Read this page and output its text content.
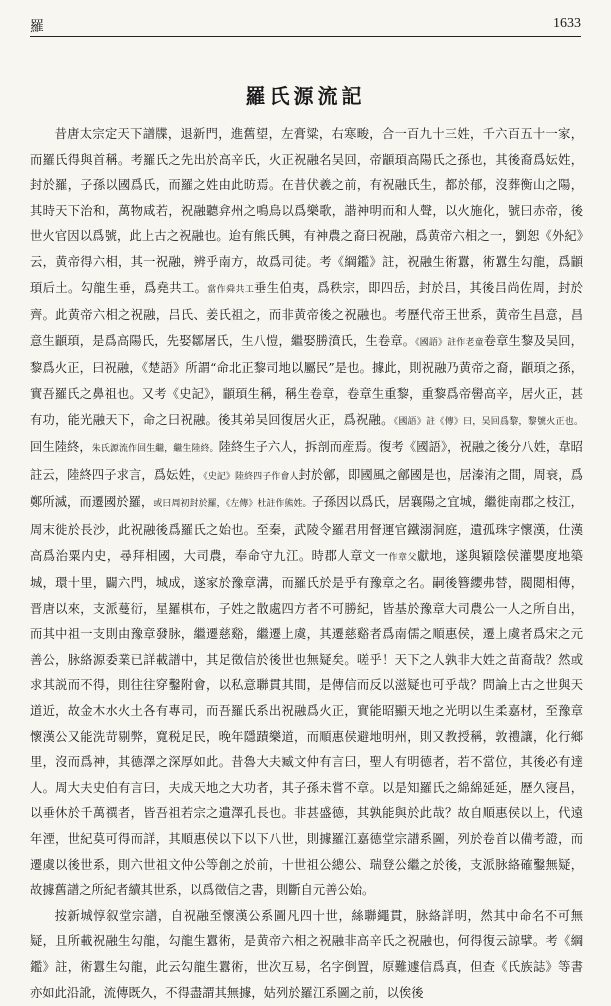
羅	1633
羅氏源流記

昔唐太宗定天下譜牒，退新門，進舊望，左膏粱，右寒畯，合一百九十三姓，千六百五十一家，而羅氏得與首稱。考羅氏之先出於高辛氏，火正祝融名吴回，帝顓頊高陽氏之孫也，其後裔爲妘姓，封於羅，子孫以國爲氏，而羅之姓由此昉焉。在昔伏羲之前，有祝融氏生，都於郁，沒葬衡山之陽，其時天下治和，萬物咸若，祝融聽弇州之鳴鳥以爲樂歌，諧神明而和人聲，以火施化，號曰赤帝，後世火官因以爲號，此上古之祝融也。迨有熊氏興，有神農之裔曰祝融，爲黄帝六相之一，劉恕《外紀》云，黄帝得六相，其一祝融，辨乎南方，故爲司徒。考《綱鑑》註，祝融生術囂，術囂生勾龍，爲顓頊后土。勾龍生垂，爲堯共工。當作舜共工垂生伯夷，爲秩宗，即四岳，封於吕，其後吕尚佐周，封於齊。此黄帝六相之祝融，吕氏、姜氏祖之，而非黄帝後之祝融也。考歷代帝王世系，黄帝生昌意，昌意生顓頊，是爲高陽氏，先娶鄒屠氏，生八愷，繼娶勝濆氏，生卷章。《國語》註作老童卷章生黎及吴回，黎爲火正，曰祝融，《楚語》所謂“命北正黎司地以屬民”是也。據此，則祝融乃黄帝之裔，顓頊之孫，實吾羅氏之鼻祖也。又考《史記》，顓頊生稱，稱生卷章，卷章生重黎，重黎爲帝嚳高辛，居火正，甚有功，能光融天下，命之曰祝融。後其弟吴回復居火正，爲祝融。《國語》註《傳》曰，吴回爲黎，黎號火正也。回生陸終，朱氏源流作回生繼，繼生陸終。陸終生子六人，拆剖而産焉。復考《國語》，祝融之後分八姓，韋昭註云，陸終四子求言，爲妘姓，《史記》陸終四子作會人封於鄶，即國風之鄶國是也，居溱洧之間，周衰，爲鄭所滅，而遷國於羅，或曰周初封於羅，《左傳》杜註作熊姓。子孫因以爲氏，居襄陽之宜城，繼徙南郡之枝江，周末徙於長沙，此祝融後爲羅氏之始也。至秦，武陵令羅君用督運官鐵溺洞庭，遺孤珠字懷漢，仕漢高爲治粟内史，尋拜相國，大司農，奉命守九江。時郡人章文一作章父獻地，遂與穎陰侯灌嬰度地築城，環十里，闢六門，城成，遂家於豫章溝，而羅氏於是乎有豫章之名。嗣後簪纓弗替，閥閲相傳，晋唐以來，支派蔓衍，星羅棋布，子姓之散處四方者不可勝紀，皆基於豫章大司農公一人之所自出，而其中祖一支則由豫章發脉，繼遷慈谿，繼遷上虞，其遷慈谿者爲南儒之順惠侯，遷上虞者爲宋之元善公，脉絡源委業已詳載譜中，其足徵信於後世也無疑矣。嗟乎！天下之人孰非大姓之苗裔哉？然或求其説而不得，則往往穿鑿附會，以私意聯貫其間，是傳信而反以滋疑也可乎哉？問論上古之世與天道近，故金木水火土各有專司，而吾羅氏系出祝融爲火正，實能昭顯天地之光明以生柔嘉材，至豫章懷漢公又能洗苛剔弊，寬税足民，晚年隱蹟樂道，而順惠侯避地明州，則又教授稱，敦禮讓，化行鄉里，沒而爲神，其德澤之深厚如此。昔魯大夫臧文仲有言曰，聖人有明德者，若不當位，其後必有達人。周大夫史伯有言曰，夫成天地之大功者，其子孫未嘗不章。以是知羅氏之綿綿延延，歷久寖昌，以垂休於千萬禩者，皆吾祖若宗之遺澤孔長也。非甚盛德，其孰能與於此哉？故自順惠侯以上，代遠年湮，世紀莫可得而詳，其順惠侯以下以下八世，則據羅江嘉德堂宗譜系圖，列於卷首以備考證，而遷虞以後世系，則六世祖文仲公等創之於前，十世祖公總公、瑞登公繼之於後，支派脉絡確鑿無疑，故據舊譜之所紀者續其世系，以爲徵信之書，則斷自元善公始。

按新城惇叙堂宗譜，自祝融至懷漢公系圖凡四十世，絲聯繩貫，脉絡詳明，然其中命名不可無疑，且所載祝融生勾龍，勾龍生囂術，是黄帝六相之祝融非高辛氏之祝融也，何得復云諒擘。考《綱鑑》註，術囂生勾龍，此云勾龍生囂術，世次互易，名字倒置，原難遽信爲真，但查《氏族誌》等書亦如此沿訛，流傳既久，不得盡謂其無據，姑列於羅江系圖之前，以俟後
